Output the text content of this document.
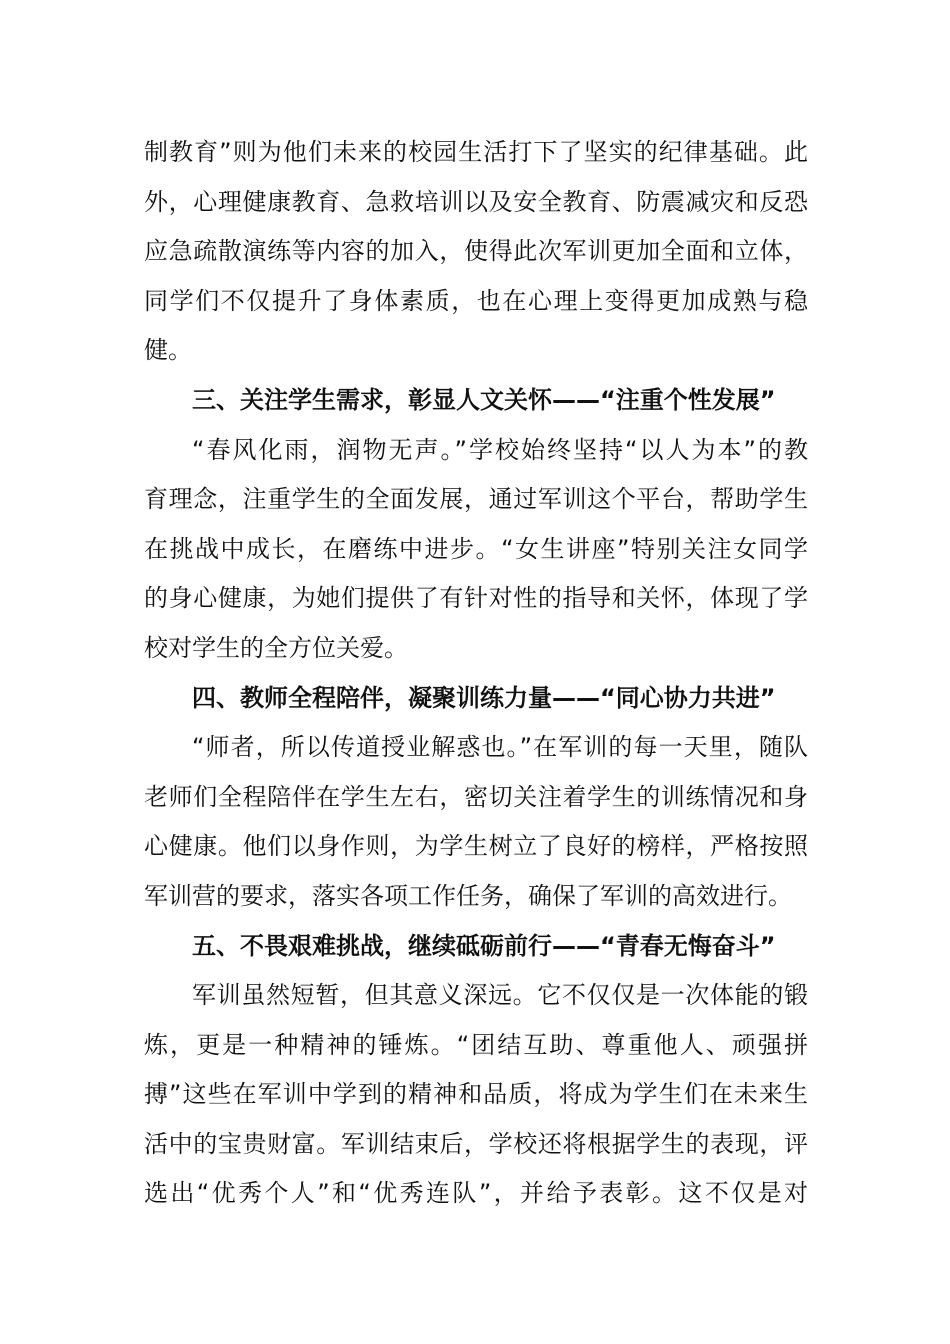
制教育”则为他们未来的校园生活打下了坚实的纪律基础。此
外，心理健康教育、急救培训以及安全教育、防震减灾和反恐
应急疏散演练等内容的加入，使得此次军训更加全面和立体，
同学们不仅提升了身体素质，也在心理上变得更加成熟与稳
健。
三、关注学生需求，彰显人文关怀——“注重个性发展”
“春风化雨，润物无声。”学校始终坚持“以人为本”的教
育理念，注重学生的全面发展，通过军训这个平台，帮助学生
在挑战中成长，在磨练中进步。“女生讲座”特别关注女同学
的身心健康，为她们提供了有针对性的指导和关怀，体现了学
校对学生的全方位关爱。
四、教师全程陪伴，凝聚训练力量——“同心协力共进”
“师者，所以传道授业解惑也。”在军训的每一天里，随队
老师们全程陪伴在学生左右，密切关注着学生的训练情况和身
心健康。他们以身作则，为学生树立了良好的榜样，严格按照
军训营的要求，落实各项工作任务，确保了军训的高效进行。
五、不畏艰难挑战，继续砥砺前行——“青春无悔奋斗”
军训虽然短暂，但其意义深远。它不仅仅是一次体能的锻
炼，更是一种精神的锤炼。“团结互助、尊重他人、顽强拼
搏”这些在军训中学到的精神和品质，将成为学生们在未来生
活中的宝贵财富。军训结束后，学校还将根据学生的表现，评
选出“优秀个人”和“优秀连队”，并给予表彰。这不仅是对
